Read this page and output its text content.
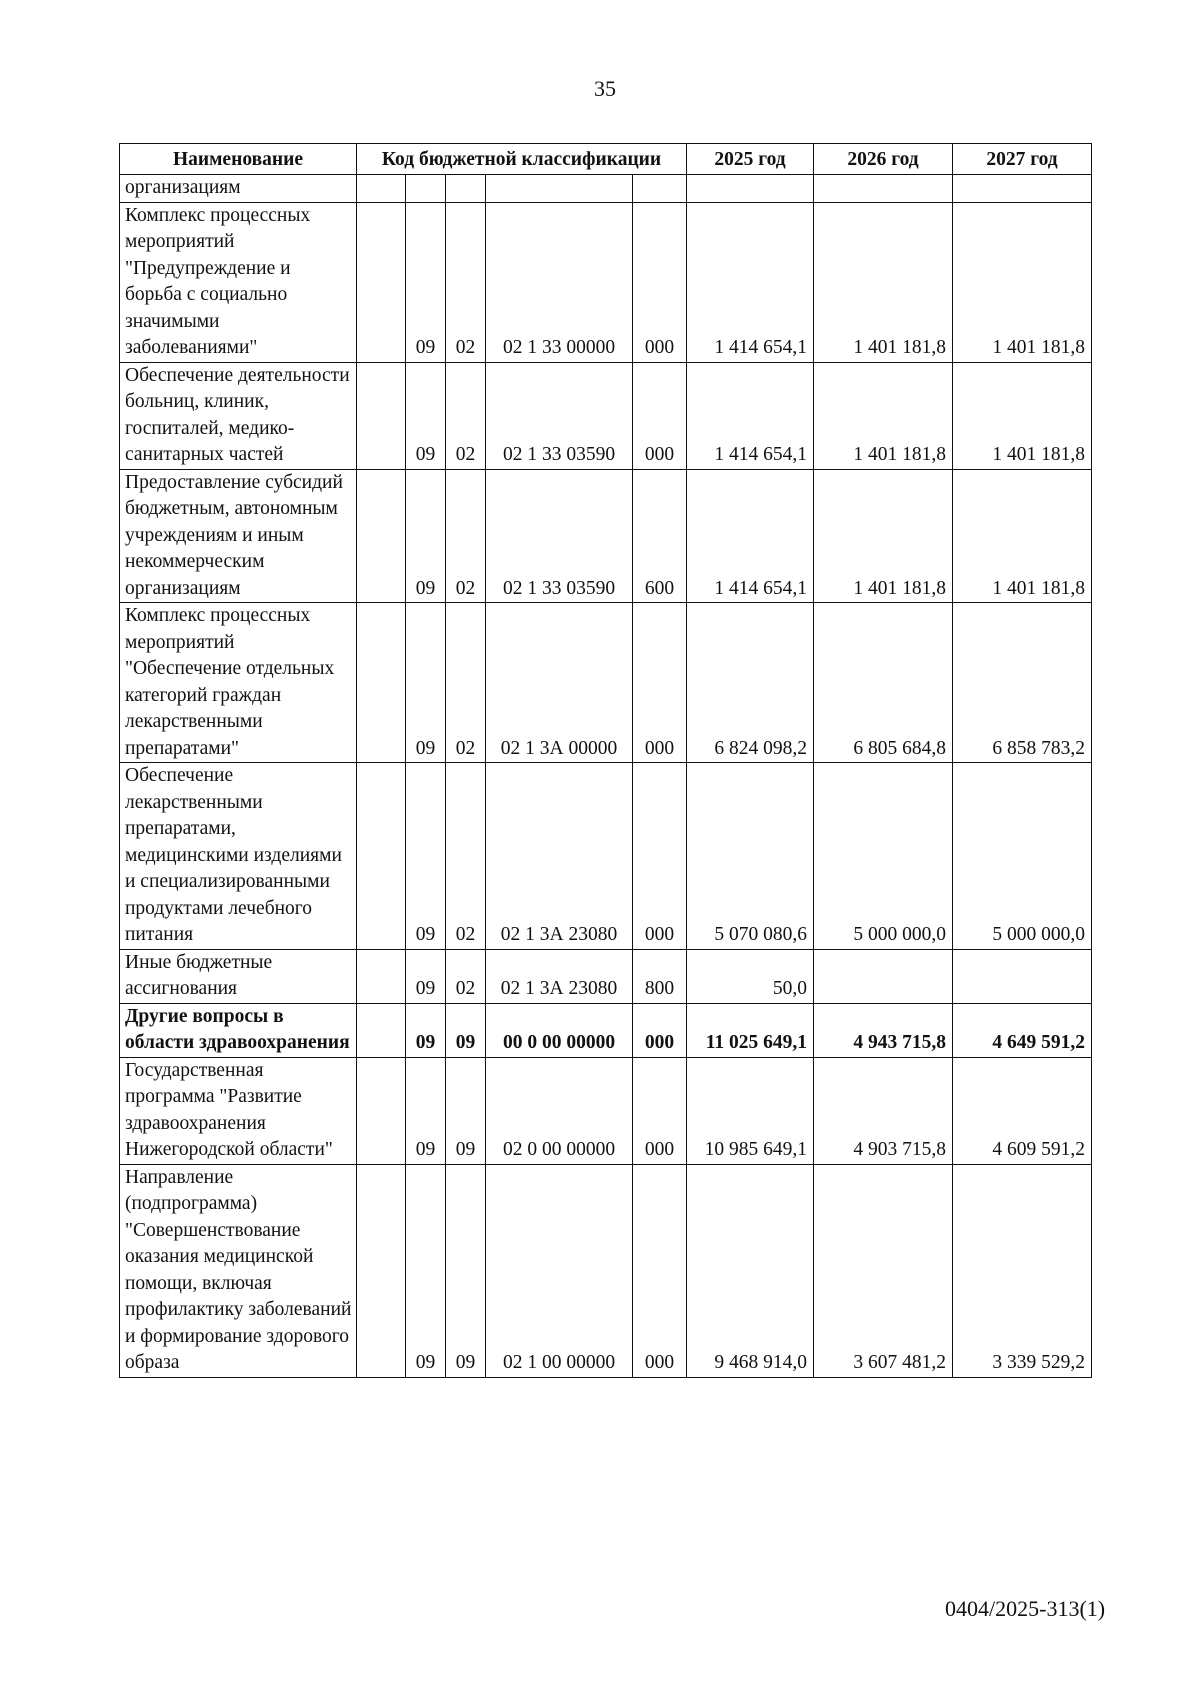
35
Наименование	Код бюджетной классификации					2025 год	2026 год	2027 год
организациям								
Комплекс процессных мероприятий "Предупреждение и борьба с социально значимыми заболеваниями"		09	02	02 1 33 00000	000	1 414 654,1	1 401 181,8	1 401 181,8
Обеспечение деятельности больниц, клиник, госпиталей, медико-санитарных частей		09	02	02 1 33 03590	000	1 414 654,1	1 401 181,8	1 401 181,8
Предоставление субсидий бюджетным, автономным учреждениям и иным некоммерческим организациям		09	02	02 1 33 03590	600	1 414 654,1	1 401 181,8	1 401 181,8
Комплекс процессных мероприятий "Обеспечение отдельных категорий граждан лекарственными препаратами"		09	02	02 1 3А 00000	000	6 824 098,2	6 805 684,8	6 858 783,2
Обеспечение лекарственными препаратами, медицинскими изделиями и специализированными продуктами лечебного питания		09	02	02 1 3А 23080	000	5 070 080,6	5 000 000,0	5 000 000,0
Иные бюджетные ассигнования		09	02	02 1 3А 23080	800	50,0		
Другие вопросы в области здравоохранения		09	09	00 0 00 00000	000	11 025 649,1	4 943 715,8	4 649 591,2
Государственная программа "Развитие здравоохранения Нижегородской области"		09	09	02 0 00 00000	000	10 985 649,1	4 903 715,8	4 609 591,2
Направление (подпрограмма) "Совершенствование оказания медицинской помощи, включая профилактику заболеваний и формирование здорового образа		09	09	02 1 00 00000	000	9 468 914,0	3 607 481,2	3 339 529,2
0404/2025-313(1)
